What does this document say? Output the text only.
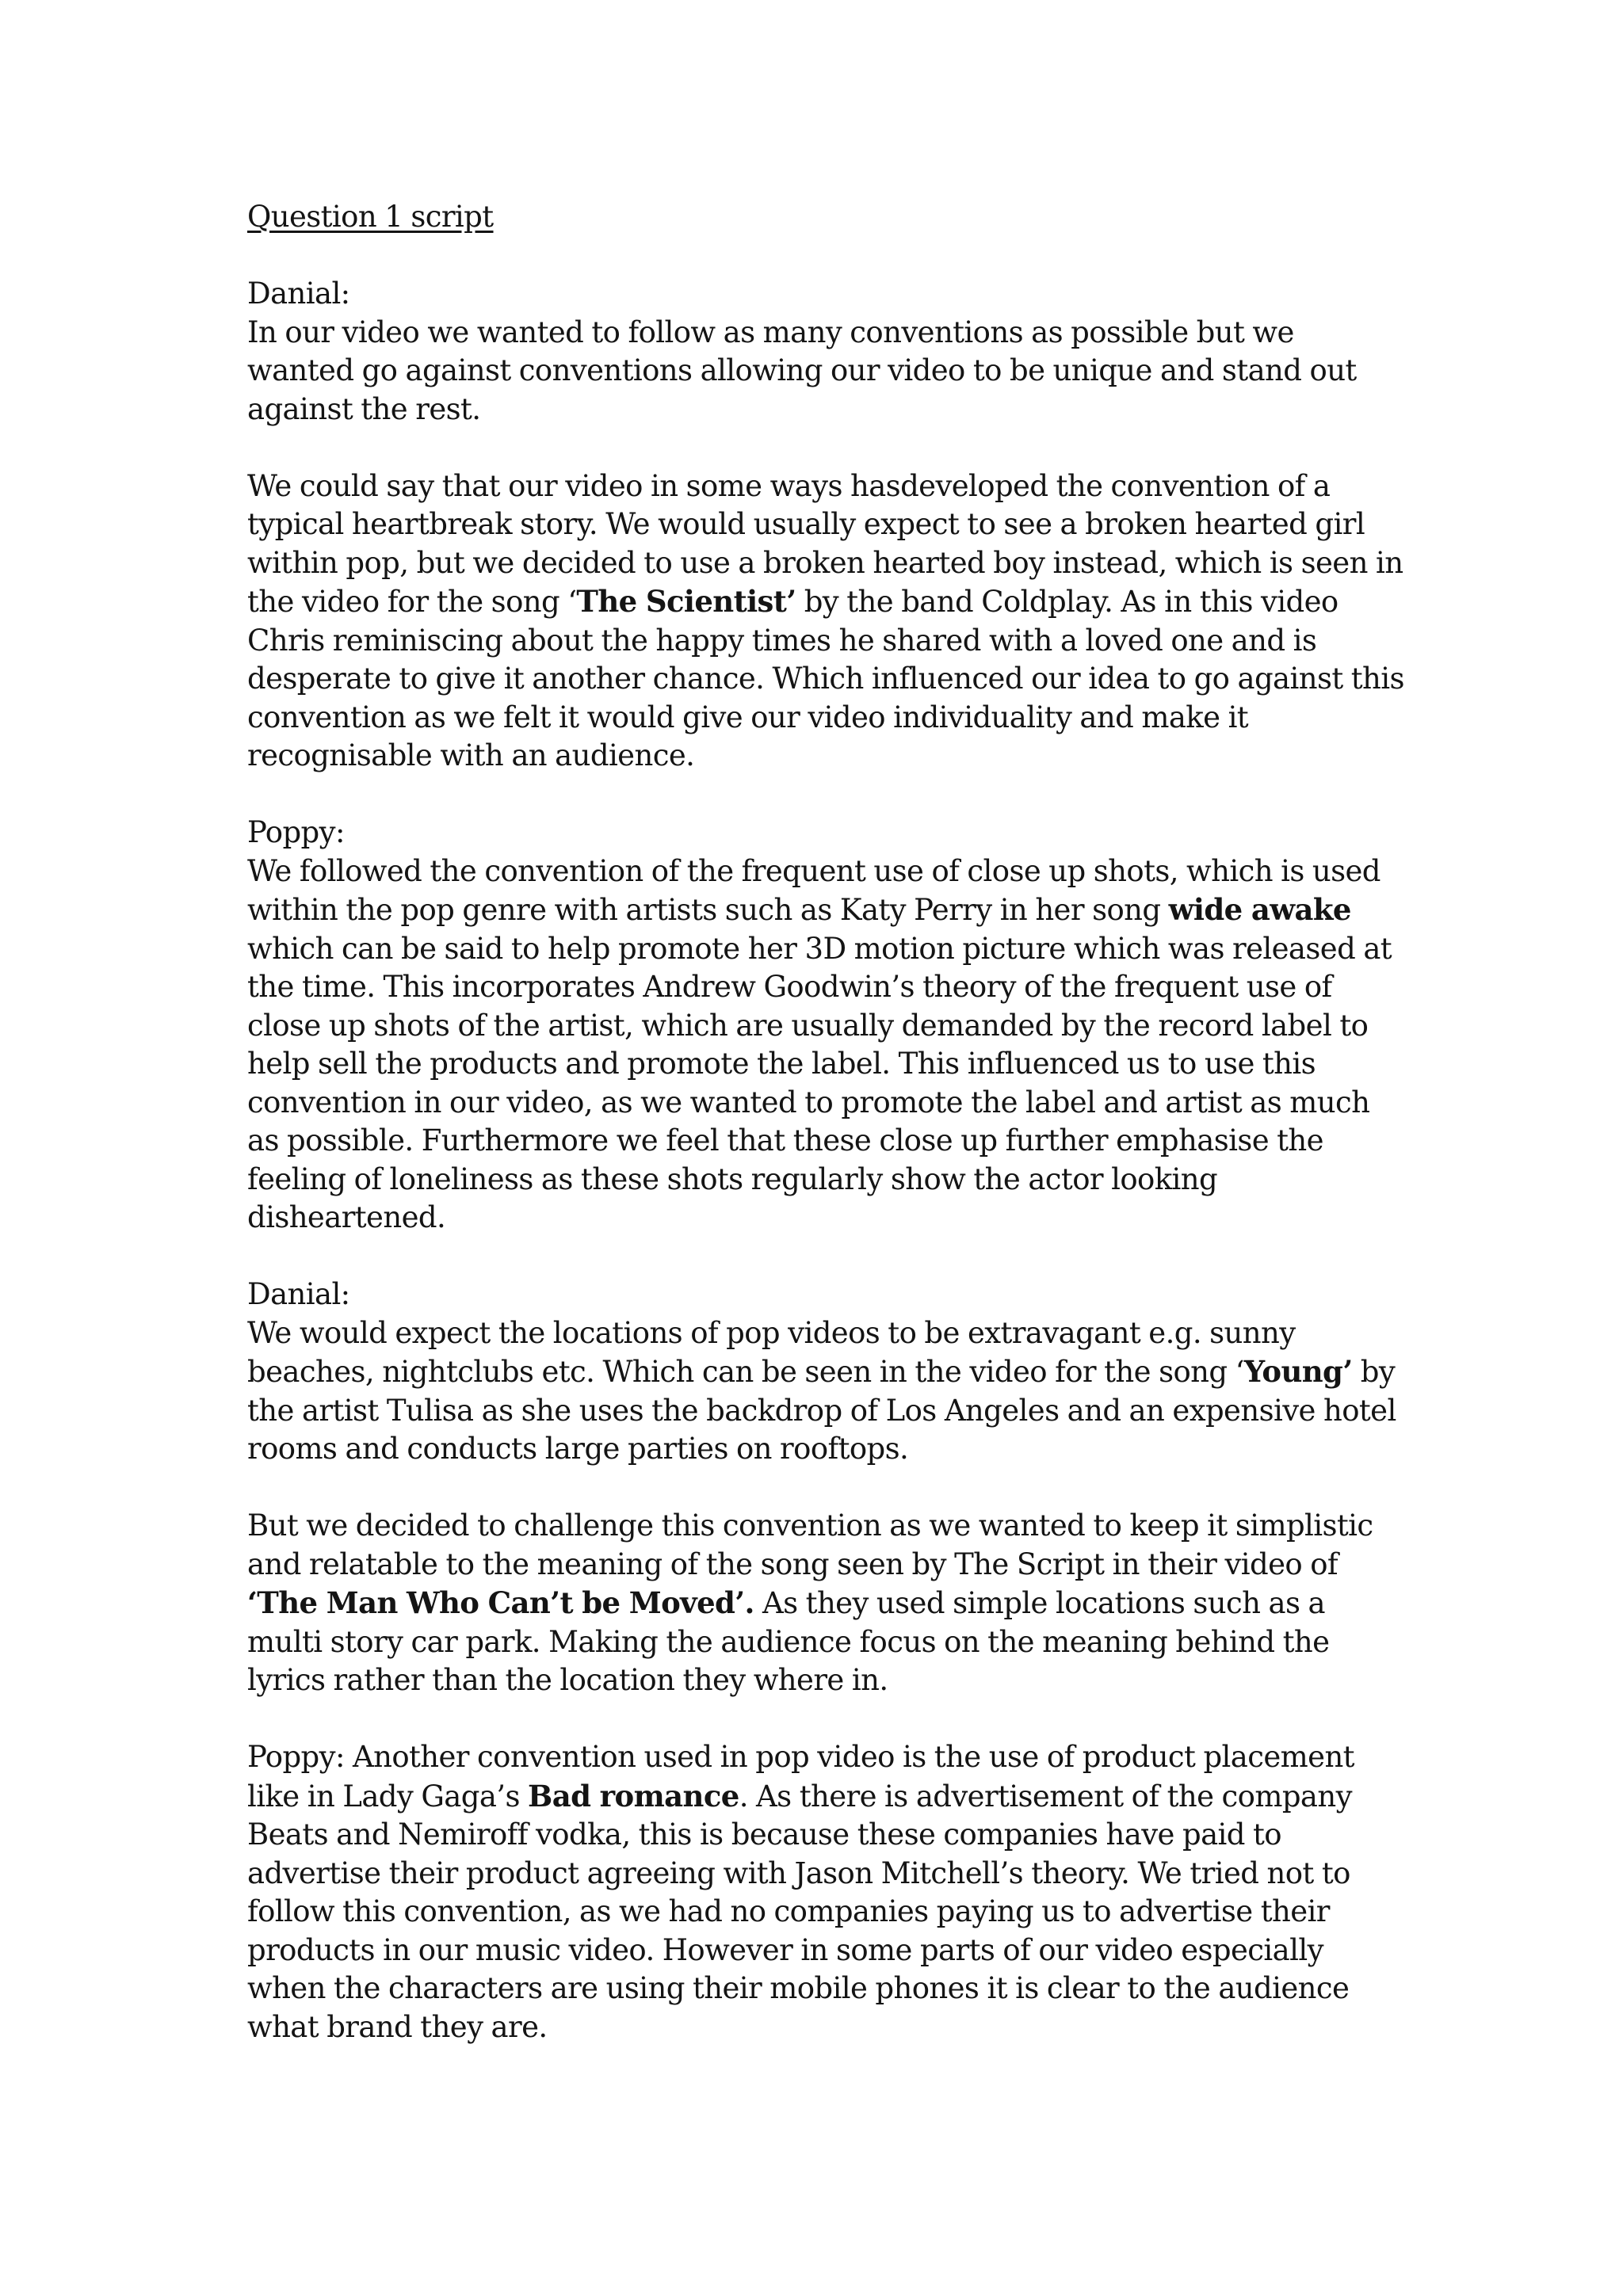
Question 1 script
Danial:
In our video we wanted to follow as many conventions as possible but we wanted go against conventions allowing our video to be unique and stand out against the rest.
We could say that our video in some ways hasdeveloped the convention of a typical heartbreak story. We would usually expect to see a broken hearted girl within pop, but we decided to use a broken hearted boy instead, which is seen in the video for the song ‘The Scientist’ by the band Coldplay. As in this video Chris reminiscing about the happy times he shared with a loved one and is desperate to give it another chance. Which influenced our idea to go against this convention as we felt it would give our video individuality and make it recognisable with an audience.
Poppy:
We followed the convention of the frequent use of close up shots, which is used within the pop genre with artists such as Katy Perry in her song wide awake which can be said to help promote her 3D motion picture which was released at the time. This incorporates Andrew Goodwin’s theory of the frequent use of close up shots of the artist, which are usually demanded by the record label to help sell the products and promote the label. This influenced us to use this convention in our video, as we wanted to promote the label and artist as much as possible. Furthermore we feel that these close up further emphasise the feeling of loneliness as these shots regularly show the actor looking disheartened.
Danial:
We would expect the locations of pop videos to be extravagant e.g. sunny beaches, nightclubs etc. Which can be seen in the video for the song ‘Young’ by the artist Tulisa as she uses the backdrop of Los Angeles and an expensive hotel rooms and conducts large parties on rooftops.
But we decided to challenge this convention as we wanted to keep it simplistic and relatable to the meaning of the song seen by The Script in their video of ‘The Man Who Can’t be Moved’. As they used simple locations such as a multi story car park. Making the audience focus on the meaning behind the lyrics rather than the location they where in.
Poppy: Another convention used in pop video is the use of product placement like in Lady Gaga’s Bad romance. As there is advertisement of the company Beats and Nemiroff vodka, this is because these companies have paid to advertise their product agreeing with Jason Mitchell’s theory. We tried not to follow this convention, as we had no companies paying us to advertise their products in our music video. However in some parts of our video especially when the characters are using their mobile phones it is clear to the audience what brand they are.
